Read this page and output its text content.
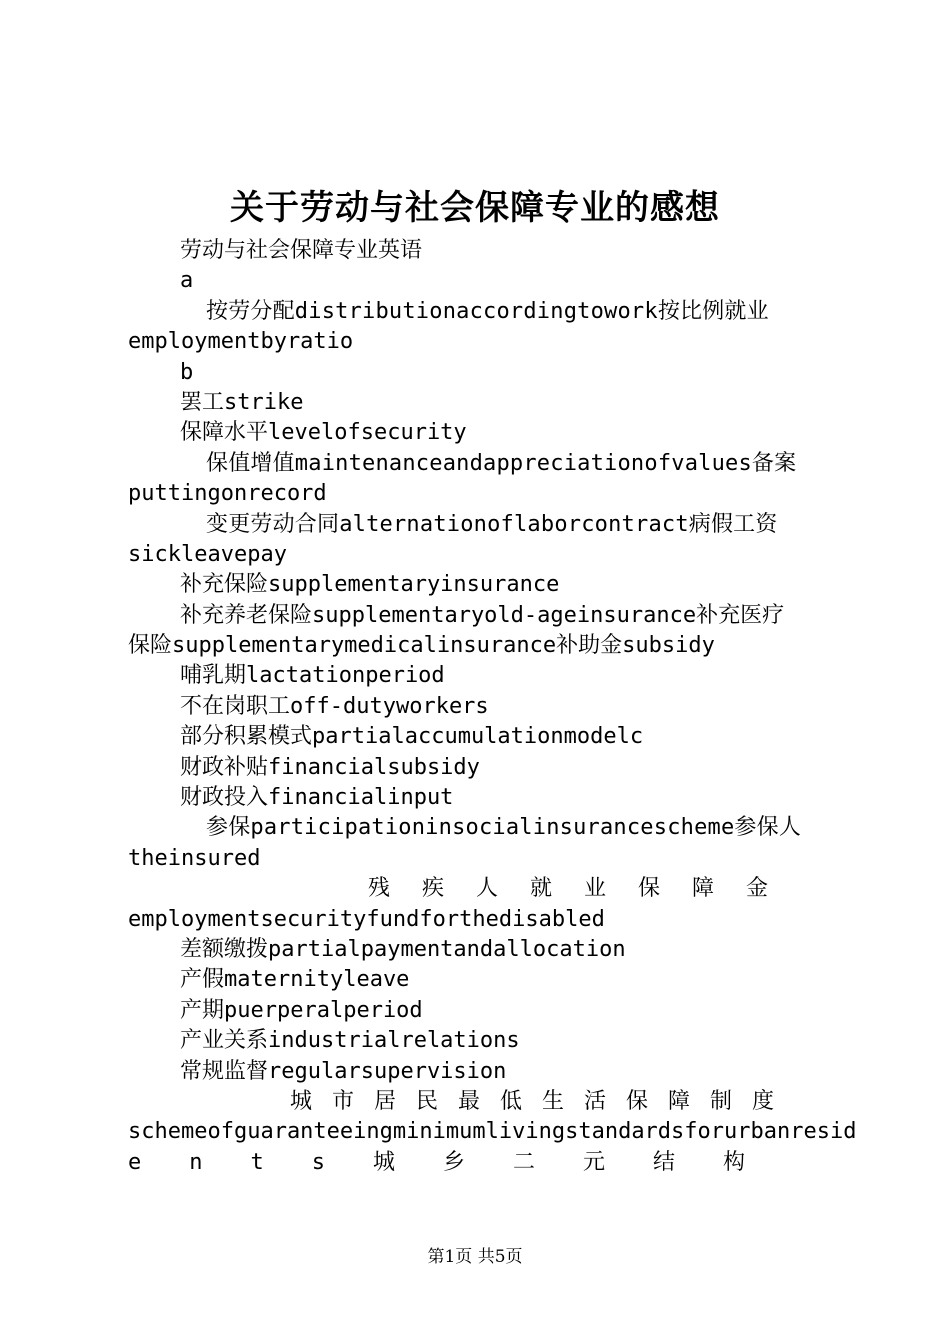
关于劳动与社会保障专业的感想
劳动与社会保障专业英语
a
按劳分配distributionaccordingtowork按比例就业
employmentbyratio
b
罢工strike
保障水平levelofsecurity
保值增值maintenanceandappreciationofvalues备案
puttingonrecord
变更劳动合同alternationoflaborcontract病假工资
sickleavepay
补充保险supplementaryinsurance
补充养老保险supplementaryold-ageinsurance补充医疗
保险supplementarymedicalinsurance补助金subsidy
哺乳期lactationperiod
不在岗职工off-dutyworkers
部分积累模式partialaccumulationmodelc
财政补贴financialsubsidy
财政投入financialinput
参保participationinsocialinsurancescheme参保人
theinsured
残疾人就业保障金
employmentsecurityfundforthedisabled
差额缴拨partialpaymentandallocation
产假maternityleave
产期puerperalperiod
产业关系industrialrelations
常规监督regularsupervision
城市居民最低生活保障制度
schemeofguaranteeingminimumlivingstandardsforurbanresid
ents城乡二元结构
第1页 共5页
